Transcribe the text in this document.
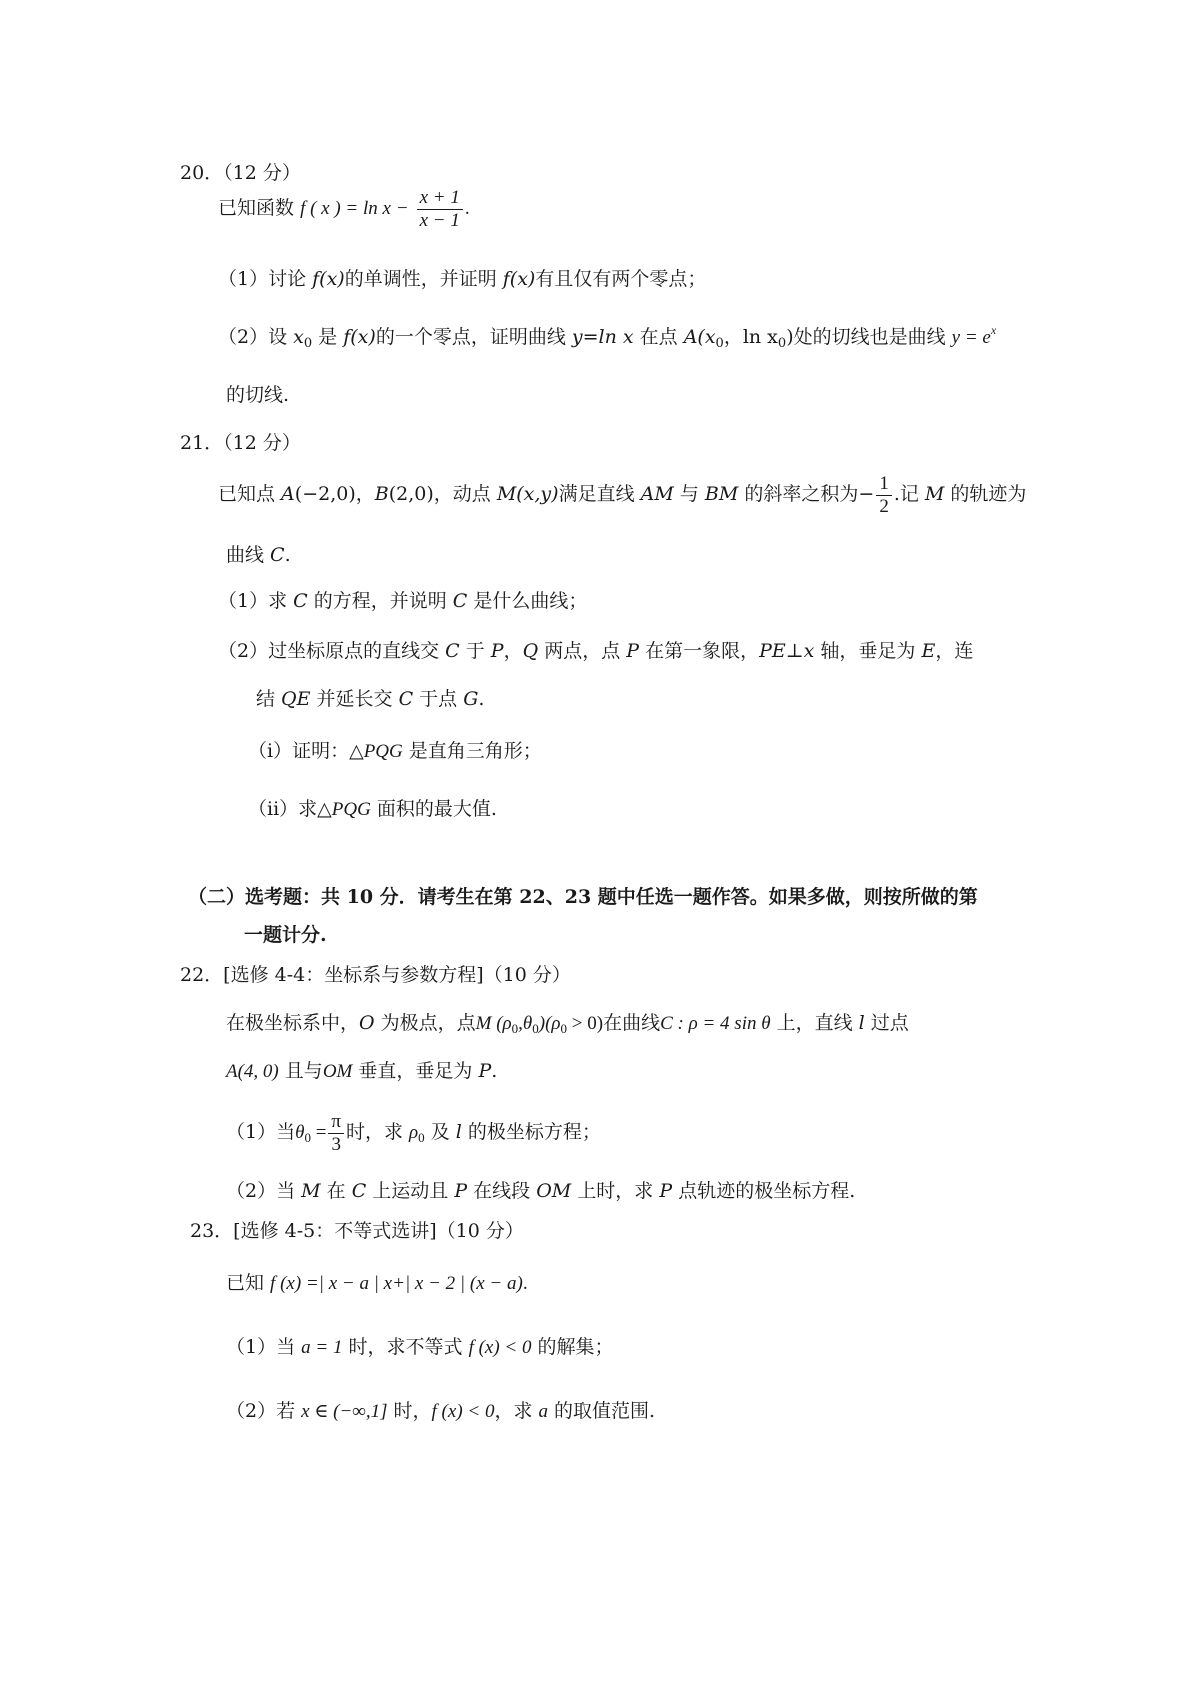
20．（12 分）
已知函数 f ( x ) = $\ln x - \frac{x + 1}{x - 1}$ .
（1）讨论 f(x)的单调性，并证明 f(x)有且仅有两个零点；
（2）设 $x_0$ 是 f(x)的一个零点，证明曲线 y=ln x 在点 $A(x_0$，$\ln x_0$)处的切线也是曲线 $y = e^x$
的切线.
21．（12 分）
已知点 A(−2,0)，B(2,0)，动点 M(x,y)满足直线 AM 与 BM 的斜率之积为− $\frac{1}{2}$ .记 M 的轨迹为
曲线 C.
（1）求 C 的方程，并说明 C 是什么曲线；
（2）过坐标原点的直线交 C 于 P，Q 两点，点 P 在第一象限，PE⊥x 轴，垂足为 E，连
结 QE 并延长交 C 于点 G.
（i）证明：△PQG 是直角三角形；
（ii）求△PQG 面积的最大值.
（二）选考题：共 10 分．请考生在第 22、23 题中任选一题作答。如果多做，则按所做的第
一题计分.
22．[选修 4-4：坐标系与参数方程]（10 分）
在极坐标系中，O 为极点，点M $(\rho_0,\theta_0)(\rho_0 > 0)$在曲线C : ρ = 4 sin θ 上，直线 l 过点
A(4, 0) 且与OM 垂直，垂足为 P.
（1）当$\theta_0 = \frac{\pi}{3}$ 时，求 $\rho_0$ 及 l 的极坐标方程；
（2）当 M 在 C 上运动且 P 在线段 OM 上时，求 P 点轨迹的极坐标方程.
23．[选修 4-5：不等式选讲]（10 分）
已知 f (x) =| x − a | x+| x − 2 | (x − a).
（1）当 a = 1 时，求不等式 f (x) < 0 的解集；
（2）若 x ∈ (−∞,1] 时，f (x) < 0，求 a 的取值范围.
